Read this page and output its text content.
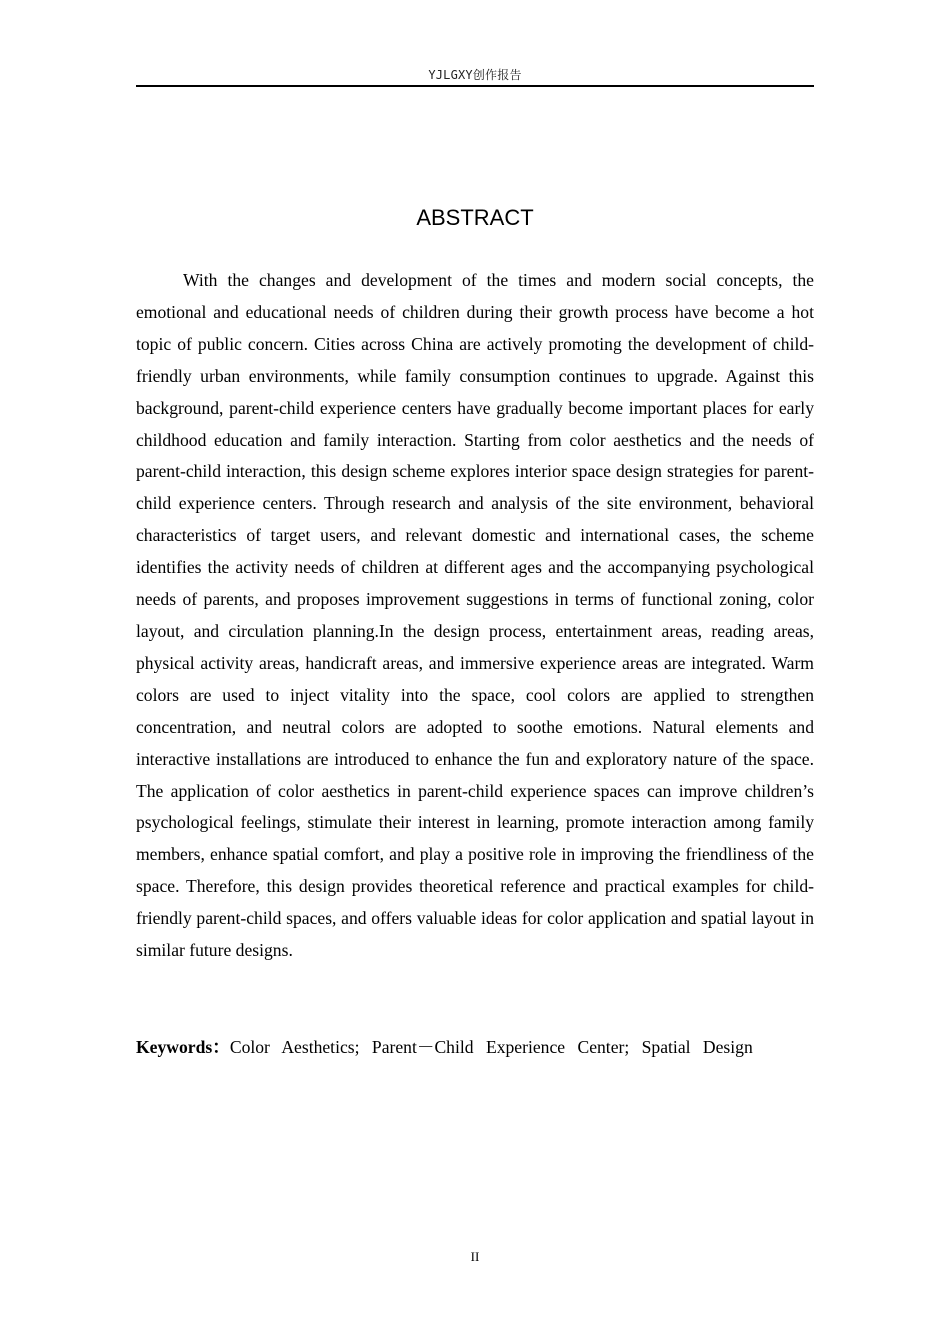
YJLGXY创作报告
ABSTRACT

With the changes and development of the times and modern social concepts, the emotional and educational needs of children during their growth process have become a hot topic of public concern. Cities across China are actively promoting the development of child-friendly urban environments, while family consumption continues to upgrade. Against this background, parent-child experience centers have gradually become important places for early childhood education and family interaction. Starting from color aesthetics and the needs of parent-child interaction, this design scheme explores interior space design strategies for parent-child experience centers. Through research and analysis of the site environment, behavioral characteristics of target users, and relevant domestic and international cases, the scheme identifies the activity needs of children at different ages and the accompanying psychological needs of parents, and proposes improvement suggestions in terms of functional zoning, color layout, and circulation planning.In the design process, entertainment areas, reading areas, physical activity areas, handicraft areas, and immersive experience areas are integrated. Warm colors are used to inject vitality into the space, cool colors are applied to strengthen concentration, and neutral colors are adopted to soothe emotions. Natural elements and interactive installations are introduced to enhance the fun and exploratory nature of the space. The application of color aesthetics in parent-child experience spaces can improve children’s psychological feelings, stimulate their interest in learning, promote interaction among family members, enhance spatial comfort, and play a positive role in improving the friendliness of the space. Therefore, this design provides theoretical reference and practical examples for child-friendly parent-child spaces, and offers valuable ideas for color application and spatial layout in similar future designs.

Keywords：Color Aesthetics; Parent－Child Experience Center; Spatial Design

II
